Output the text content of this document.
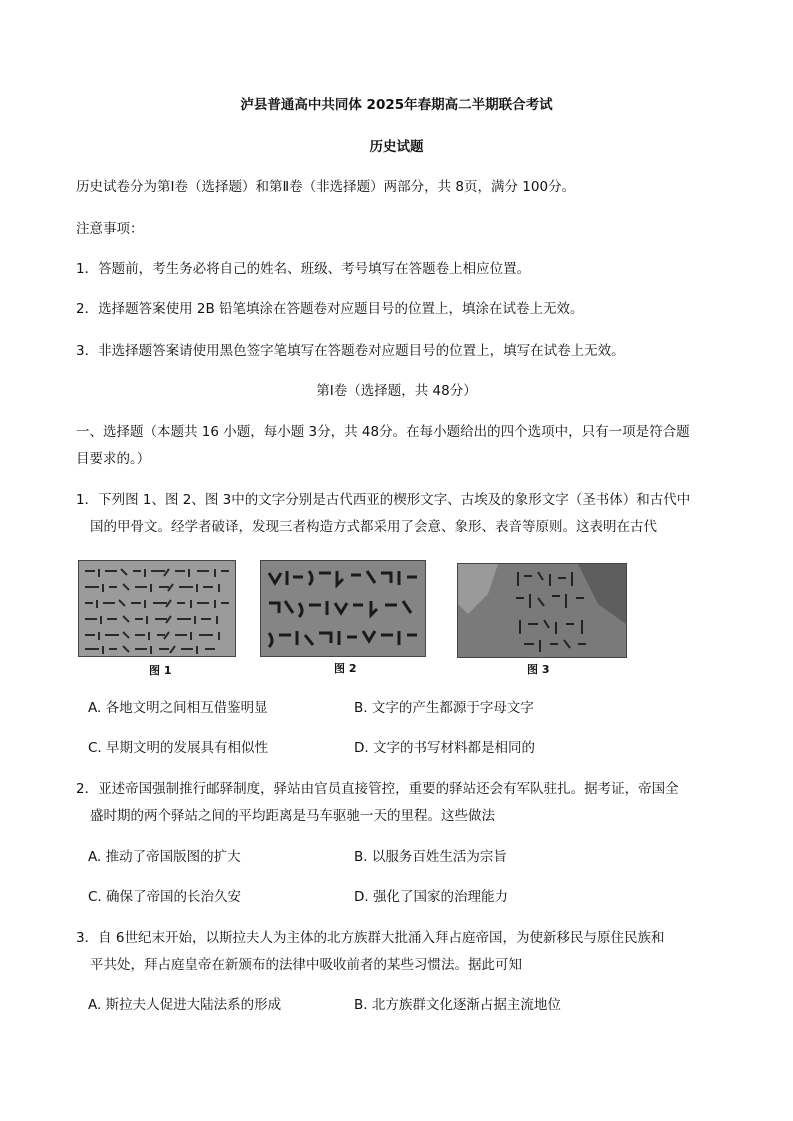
泸县普通高中共同体 2025年春期高二半期联合考试
历史试题
历史试卷分为第Ⅰ卷（选择题）和第Ⅱ卷（非选择题）两部分，共 8页，满分 100分。
注意事项：
1．答题前，考生务必将自己的姓名、班级、考号填写在答题卷上相应位置。
2．选择题答案使用 2B 铅笔填涂在答题卷对应题目号的位置上，填涂在试卷上无效。
3．非选择题答案请使用黑色签字笔填写在答题卷对应题目号的位置上，填写在试卷上无效。
第Ⅰ卷（选择题，共 48分）
一、选择题（本题共 16 小题，每小题 3分，共 48分。在每小题给出的四个选项中，只有一项是符合题
目要求的。）
1．下列图 1、图 2、图 3中的文字分别是古代西亚的楔形文字、古埃及的象形文字（圣书体）和古代中
国的甲骨文。经学者破译，发现三者构造方式都采用了会意、象形、表音等原则。这表明在古代
图 1	图 2	图 3
A. 各地文明之间相互借鉴明显	B. 文字的产生都源于字母文字
C. 早期文明的发展具有相似性	D. 文字的书写材料都是相同的
2．亚述帝国强制推行邮驿制度，驿站由官员直接管控，重要的驿站还会有军队驻扎。据考证，帝国全
盛时期的两个驿站之间的平均距离是马车驱驰一天的里程。这些做法
A. 推动了帝国版图的扩大	B. 以服务百姓生活为宗旨
C. 确保了帝国的长治久安	D. 强化了国家的治理能力
3．自 6世纪末开始，以斯拉夫人为主体的北方族群大批涌入拜占庭帝国，为使新移民与原住民族和
平共处，拜占庭皇帝在新颁布的法律中吸收前者的某些习惯法。据此可知
A. 斯拉夫人促进大陆法系的形成	B. 北方族群文化逐渐占据主流地位
